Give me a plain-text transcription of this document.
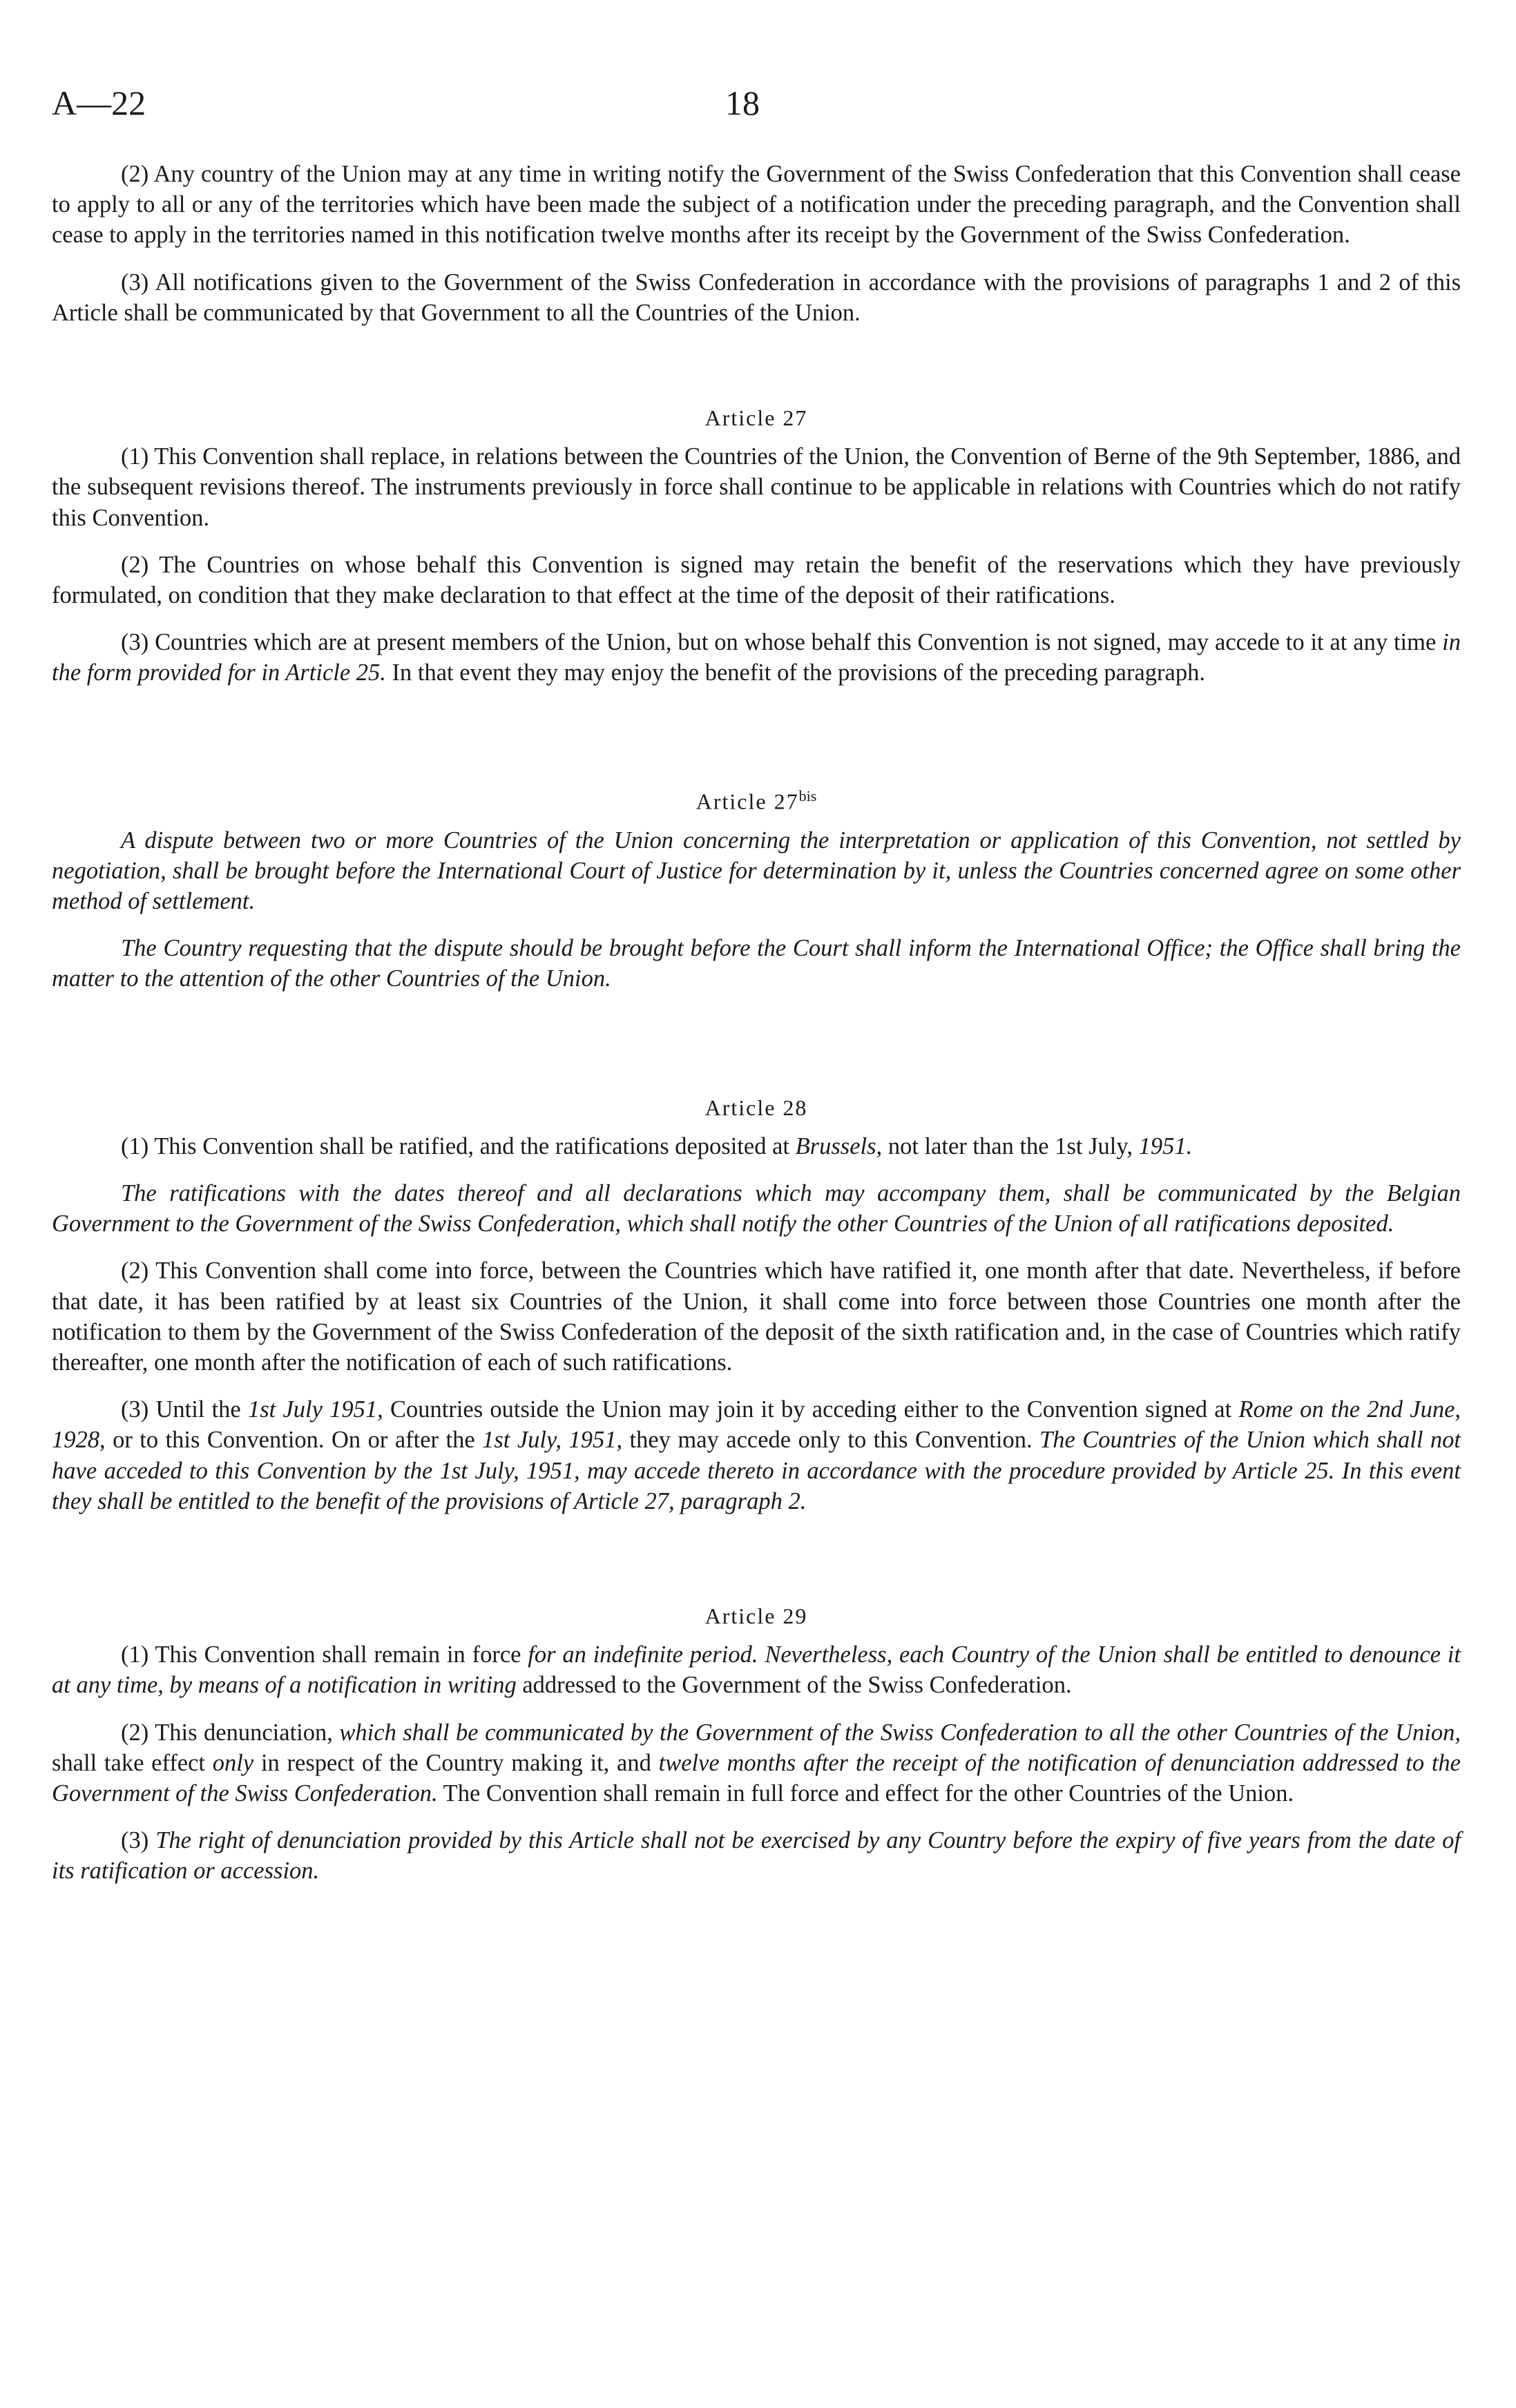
A—22	18

(2) Any country of the Union may at any time in writing notify the Government of the Swiss Confederation that this Convention shall cease to apply to all or any of the territories which have been made the subject of a notification under the preceding paragraph, and the Convention shall cease to apply in the territories named in this notification twelve months after its receipt by the Government of the Swiss Confederation.

(3) All notifications given to the Government of the Swiss Confederation in accordance with the provisions of paragraphs 1 and 2 of this Article shall be communicated by that Government to all the Countries of the Union.

Article 27

(1) This Convention shall replace, in relations between the Countries of the Union, the Convention of Berne of the 9th September, 1886, and the subsequent revisions thereof. The instruments previously in force shall continue to be applicable in relations with Countries which do not ratify this Convention.

(2) The Countries on whose behalf this Convention is signed may retain the benefit of the reservations which they have previously formulated, on condition that they make declaration to that effect at the time of the deposit of their ratifications.

(3) Countries which are at present members of the Union, but on whose behalf this Convention is not signed, may accede to it at any time in the form provided for in Article 25. In that event they may enjoy the benefit of the provisions of the preceding paragraph.

Article $27^{bis}$

A dispute between two or more Countries of the Union concerning the interpretation or application of this Convention, not settled by negotiation, shall be brought before the International Court of Justice for determination by it, unless the Countries concerned agree on some other method of settlement.

The Country requesting that the dispute should be brought before the Court shall inform the International Office; the Office shall bring the matter to the attention of the other Countries of the Union.

Article 28

(1) This Convention shall be ratified, and the ratifications deposited at Brussels, not later than the 1st July, 1951.

The ratifications with the dates thereof and all declarations which may accompany them, shall be communicated by the Belgian Government to the Government of the Swiss Confederation, which shall notify the other Countries of the Union of all ratifications deposited.

(2) This Convention shall come into force, between the Countries which have ratified it, one month after that date. Nevertheless, if before that date, it has been ratified by at least six Countries of the Union, it shall come into force between those Countries one month after the notification to them by the Government of the Swiss Confederation of the deposit of the sixth ratification and, in the case of Countries which ratify thereafter, one month after the notification of each of such ratifications.

(3) Until the 1st July 1951, Countries outside the Union may join it by acceding either to the Convention signed at Rome on the 2nd June, 1928, or to this Convention. On or after the 1st July, 1951, they may accede only to this Convention. The Countries of the Union which shall not have acceded to this Convention by the 1st July, 1951, may accede thereto in accordance with the procedure provided by Article 25. In this event they shall be entitled to the benefit of the provisions of Article 27, paragraph 2.

Article 29

(1) This Convention shall remain in force for an indefinite period. Nevertheless, each Country of the Union shall be entitled to denounce it at any time, by means of a notification in writing addressed to the Government of the Swiss Confederation.

(2) This denunciation, which shall be communicated by the Government of the Swiss Confederation to all the other Countries of the Union, shall take effect only in respect of the Country making it, and twelve months after the receipt of the notification of denunciation addressed to the Government of the Swiss Confederation. The Convention shall remain in full force and effect for the other Countries of the Union.

(3) The right of denunciation provided by this Article shall not be exercised by any Country before the expiry of five years from the date of its ratification or accession.
